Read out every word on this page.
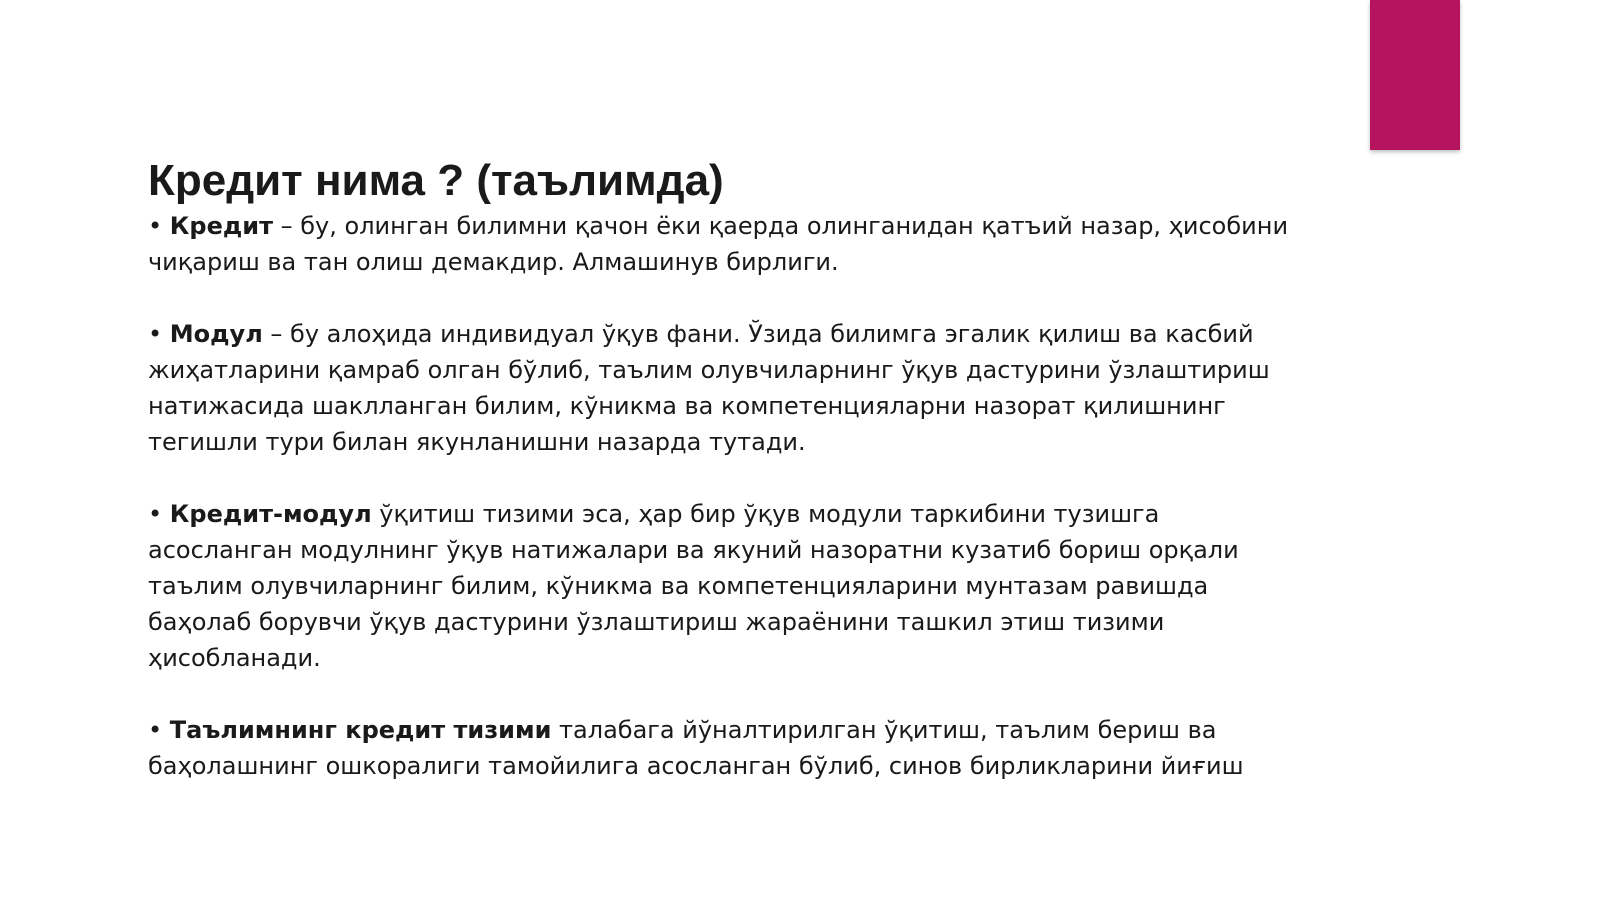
Кредит нима ? (таълимда)

• Кредит – бу, олинган билимни қачон ёки қаерда олинганидан қатъий назар, ҳисобини чиқариш ва тан олиш демакдир. Алмашинув бирлиги.

• Модул – бу алоҳида индивидуал ўқув фани. Ўзида билимга эгалик қилиш ва касбий жиҳатларини қамраб олган бўлиб, таълим олувчиларнинг ўқув дастурини ўзлаштириш натижасида шаклланган билим, кўникма ва компетенцияларни назорат қилишнинг тегишли тури билан якунланишни назарда тутади.

• Кредит-модул ўқитиш тизими эса, ҳар бир ўқув модули таркибини тузишга асосланган модулнинг ўқув натижалари ва якуний назоратни кузатиб бориш орқали таълим олувчиларнинг билим, кўникма ва компетенцияларини мунтазам равишда баҳолаб борувчи ўқув дастурини ўзлаштириш жараёнини ташкил этиш тизими ҳисобланади.

• Таълимнинг кредит тизими талабага йўналтирилган ўқитиш, таълим бериш ва баҳолашнинг ошкоралиги тамойилига асосланган бўлиб, синов бирликларини йиғиш
